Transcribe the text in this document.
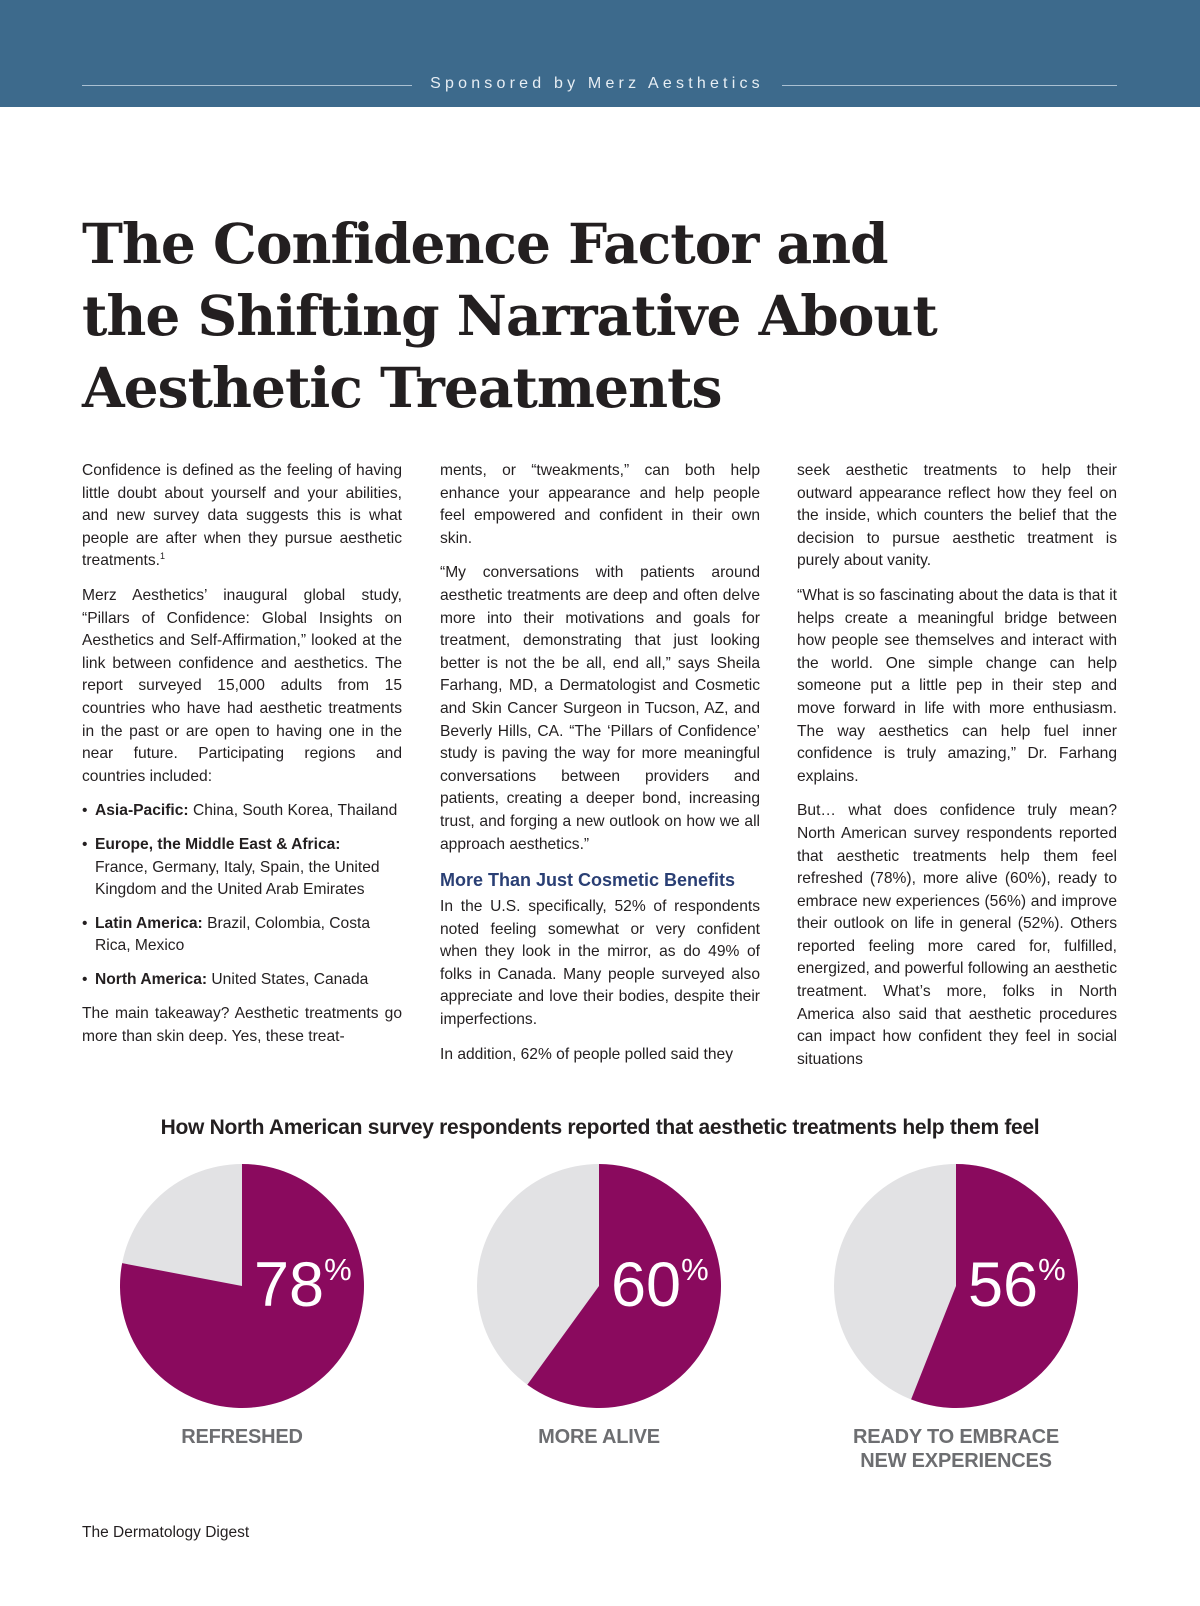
Sponsored by Merz Aesthetics
The Confidence Factor and
the Shifting Narrative About
Aesthetic Treatments

Confidence is defined as the feeling of having little doubt about yourself and your abilities, and new survey data suggests this is what people are after when they pursue aesthetic treatments.$^1$

Merz Aesthetics’ inaugural global study, “Pillars of Confidence: Global Insights on Aesthetics and Self-Affirmation,” looked at the link between confidence and aesthetics. The report surveyed 15,000 adults from 15 countries who have had aesthetic treatments in the past or are open to having one in the near future. Participating regions and countries included:

• Asia-Pacific: China, South Korea, Thailand
• Europe, the Middle East & Africa:
France, Germany, Italy, Spain, the United Kingdom and the United Arab Emirates
• Latin America: Brazil, Colombia, Costa Rica, Mexico
• North America: United States, Canada

The main takeaway? Aesthetic treatments go more than skin deep. Yes, these treat-

ments, or “tweakments,” can both help enhance your appearance and help people feel empowered and confident in their own skin.

“My conversations with patients around aesthetic treatments are deep and often delve more into their motivations and goals for treatment, demonstrating that just looking better is not the be all, end all,” says Sheila Farhang, MD, a Dermatologist and Cosmetic and Skin Cancer Surgeon in Tucson, AZ, and Beverly Hills, CA. “The ‘Pillars of Confidence’ study is paving the way for more meaningful conversations between providers and patients, creating a deeper bond, increasing trust, and forging a new outlook on how we all approach aesthetics.”

More Than Just Cosmetic Benefits

In the U.S. specifically, 52% of respondents noted feeling somewhat or very confident when they look in the mirror, as do 49% of folks in Canada. Many people surveyed also appreciate and love their bodies, despite their imperfections.

In addition, 62% of people polled said they

seek aesthetic treatments to help their outward appearance reflect how they feel on the inside, which counters the belief that the decision to pursue aesthetic treatment is purely about vanity.

“What is so fascinating about the data is that it helps create a meaningful bridge between how people see themselves and interact with the world. One simple change can help someone put a little pep in their step and move forward in life with more enthusiasm. The way aesthetics can help fuel inner confidence is truly amazing,” Dr. Farhang explains.

But… what does confidence truly mean? North American survey respondents reported that aesthetic treatments help them feel refreshed (78%), more alive (60%), ready to embrace new experiences (56%) and improve their outlook on life in general (52%). Others reported feeling more cared for, fulfilled, energized, and powerful following an aesthetic treatment. What’s more, folks in North America also said that aesthetic procedures can impact how confident they feel in social situations

How North American survey respondents reported that aesthetic treatments help them feel
78%
REFRESHED
60%
MORE ALIVE
56%
READY TO EMBRACE
NEW EXPERIENCES
The Dermatology Digest
